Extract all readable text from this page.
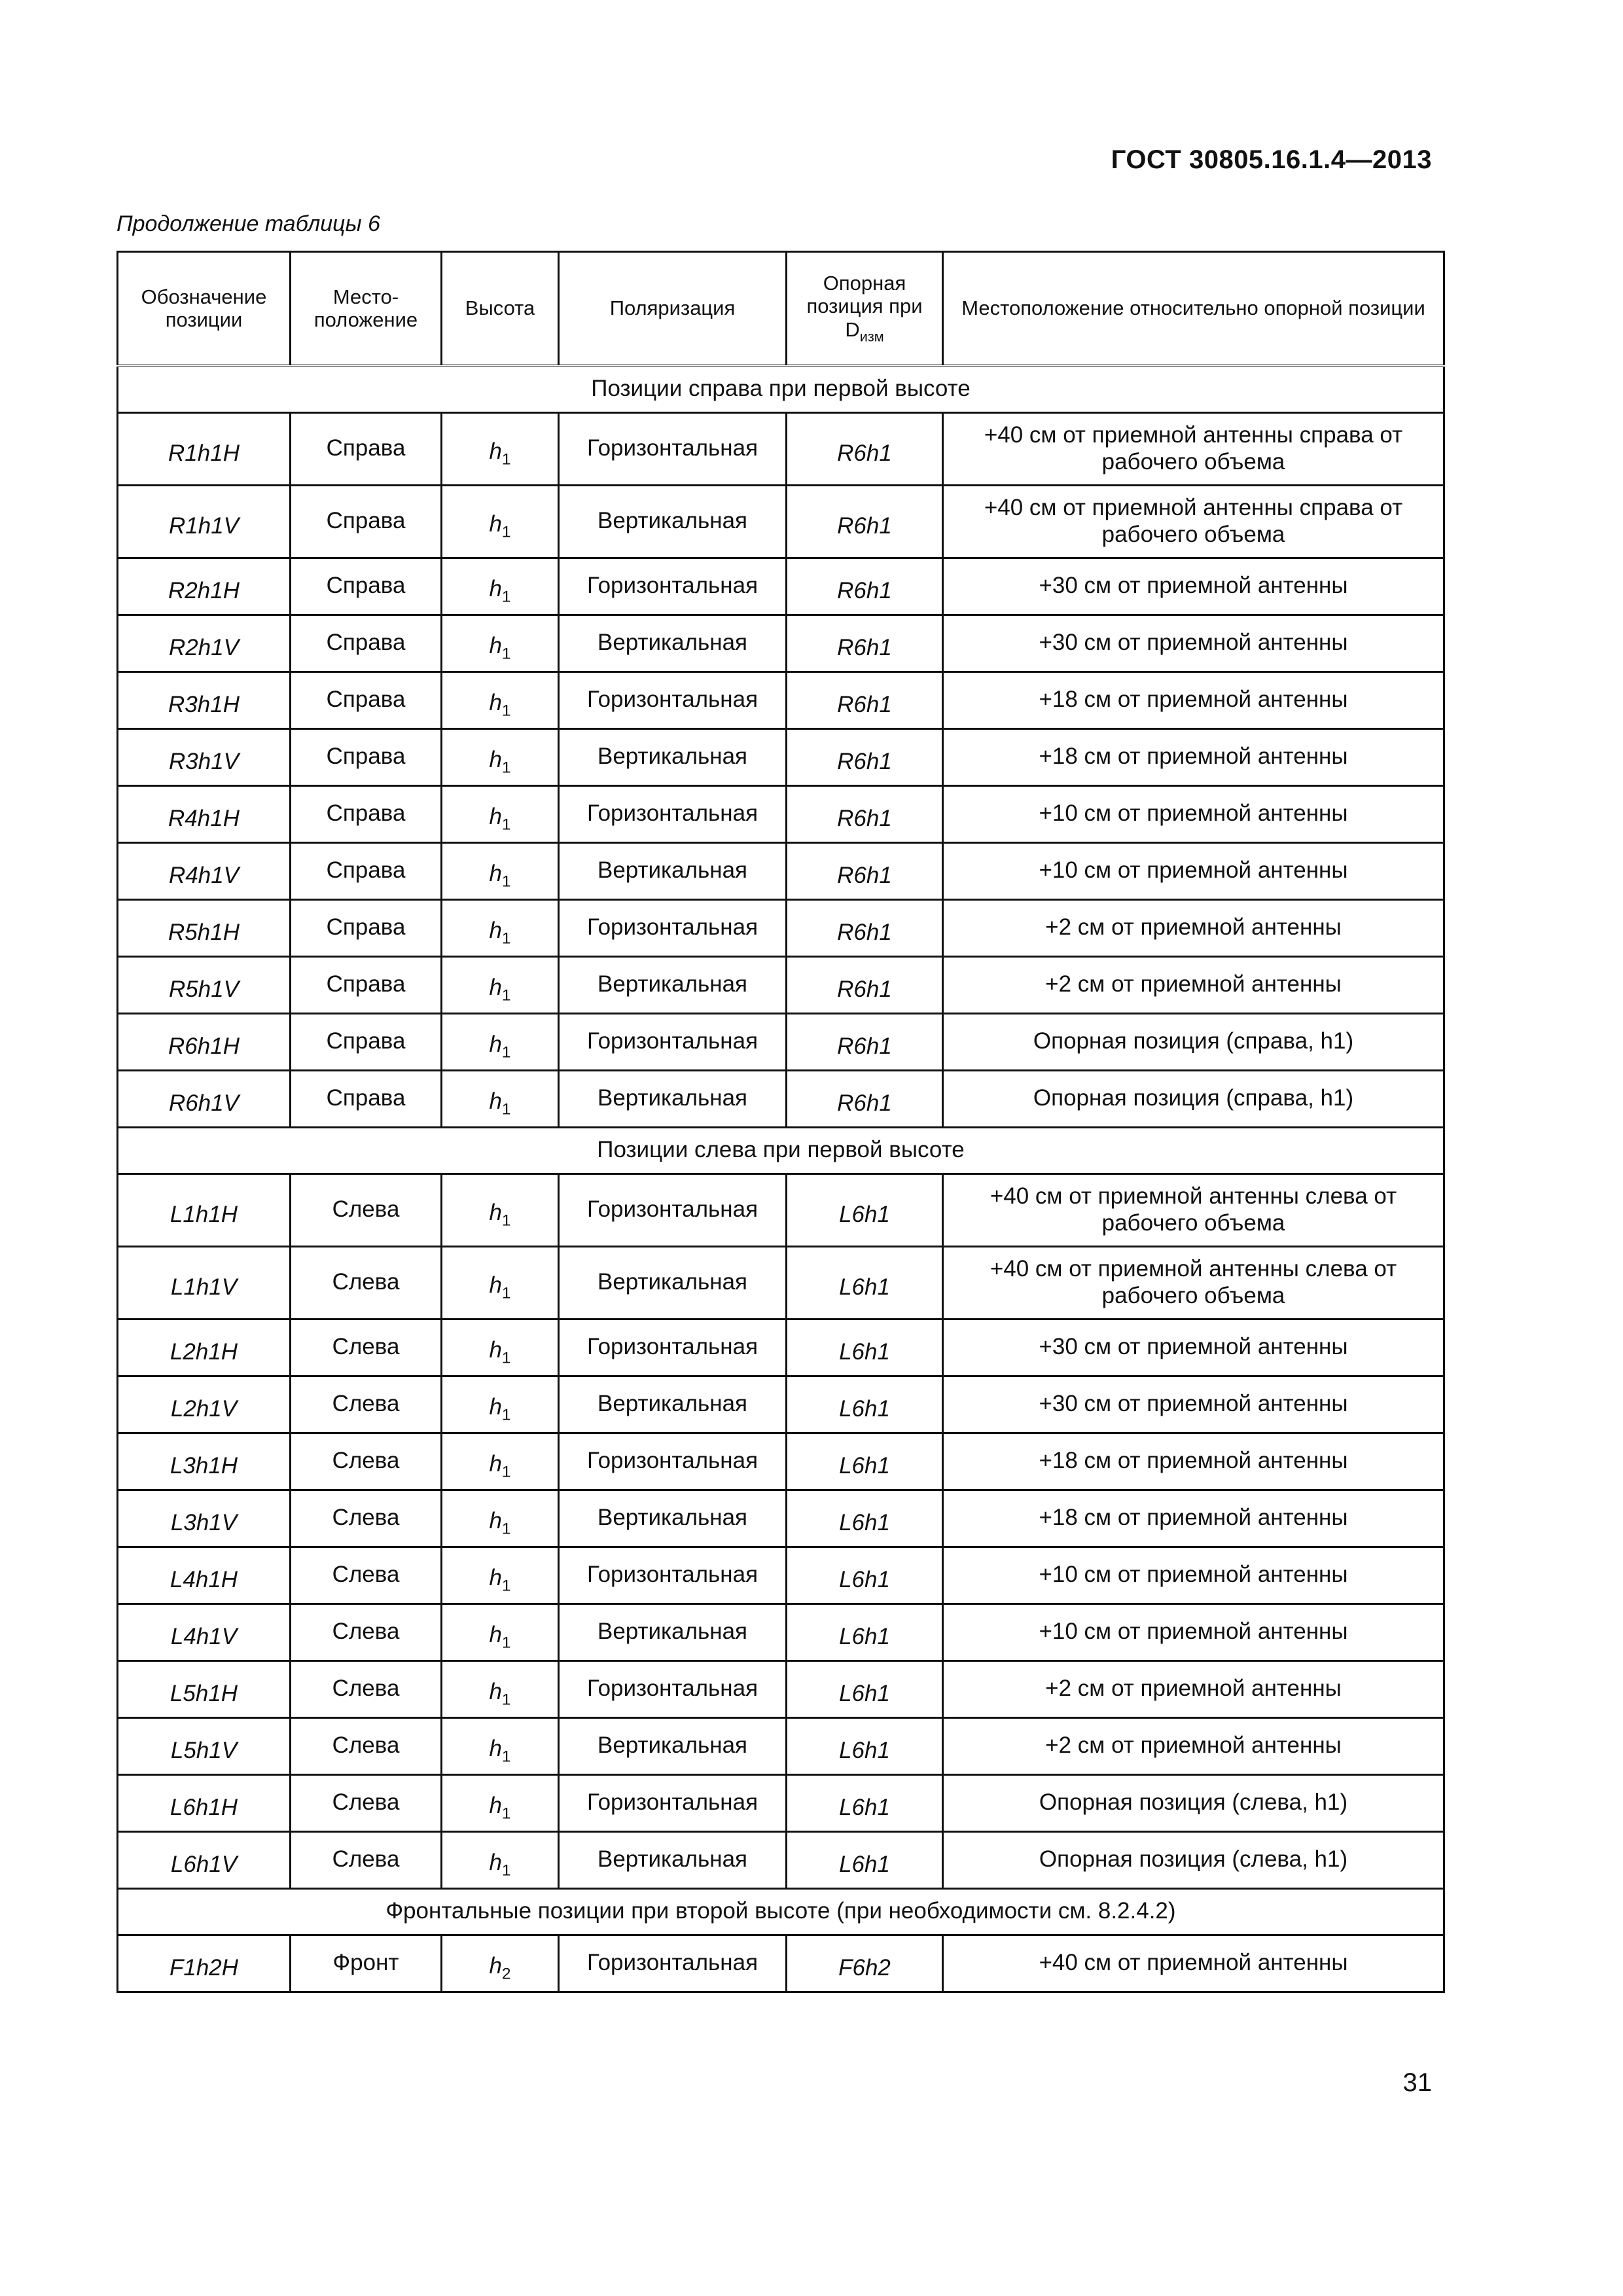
ГОСТ 30805.16.1.4—2013
Продолжение таблицы 6
Обозначение позиции	Место- положение	Высота	Поляризация	Опорная позиция при $D_{изм}$	Местоположение относительно опорной позиции
Позиции справа при первой высоте					
R1h1H	Справа	$h_1$	Горизонтальная	R6h1	+40 см от приемной антенны справа от рабочего объема
R1h1V	Справа	$h_1$	Вертикальная	R6h1	+40 см от приемной антенны справа от рабочего объема
R2h1H	Справа	$h_1$	Горизонтальная	R6h1	+30 см от приемной антенны
R2h1V	Справа	$h_1$	Вертикальная	R6h1	+30 см от приемной антенны
R3h1H	Справа	$h_1$	Горизонтальная	R6h1	+18 см от приемной антенны
R3h1V	Справа	$h_1$	Вертикальная	R6h1	+18 см от приемной антенны
R4h1H	Справа	$h_1$	Горизонтальная	R6h1	+10 см от приемной антенны
R4h1V	Справа	$h_1$	Вертикальная	R6h1	+10 см от приемной антенны
R5h1H	Справа	$h_1$	Горизонтальная	R6h1	+2 см от приемной антенны
R5h1V	Справа	$h_1$	Вертикальная	R6h1	+2 см от приемной антенны
R6h1H	Справа	$h_1$	Горизонтальная	R6h1	Опорная позиция (справа, h1)
R6h1V	Справа	$h_1$	Вертикальная	R6h1	Опорная позиция (справа, h1)
Позиции слева при первой высоте					
L1h1H	Слева	$h_1$	Горизонтальная	L6h1	+40 см от приемной антенны слева от рабочего объема
L1h1V	Слева	$h_1$	Вертикальная	L6h1	+40 см от приемной антенны слева от рабочего объема
L2h1H	Слева	$h_1$	Горизонтальная	L6h1	+30 см от приемной антенны
L2h1V	Слева	$h_1$	Вертикальная	L6h1	+30 см от приемной антенны
L3h1H	Слева	$h_1$	Горизонтальная	L6h1	+18 см от приемной антенны
L3h1V	Слева	$h_1$	Вертикальная	L6h1	+18 см от приемной антенны
L4h1H	Слева	$h_1$	Горизонтальная	L6h1	+10 см от приемной антенны
L4h1V	Слева	$h_1$	Вертикальная	L6h1	+10 см от приемной антенны
L5h1H	Слева	$h_1$	Горизонтальная	L6h1	+2 см от приемной антенны
L5h1V	Слева	$h_1$	Вертикальная	L6h1	+2 см от приемной антенны
L6h1H	Слева	$h_1$	Горизонтальная	L6h1	Опорная позиция (слева, h1)
L6h1V	Слева	$h_1$	Вертикальная	L6h1	Опорная позиция (слева, h1)
Фронтальные позиции при второй высоте (при необходимости см. 8.2.4.2)					
F1h2H	Фронт	$h_2$	Горизонтальная	F6h2	+40 см от приемной антенны
31
